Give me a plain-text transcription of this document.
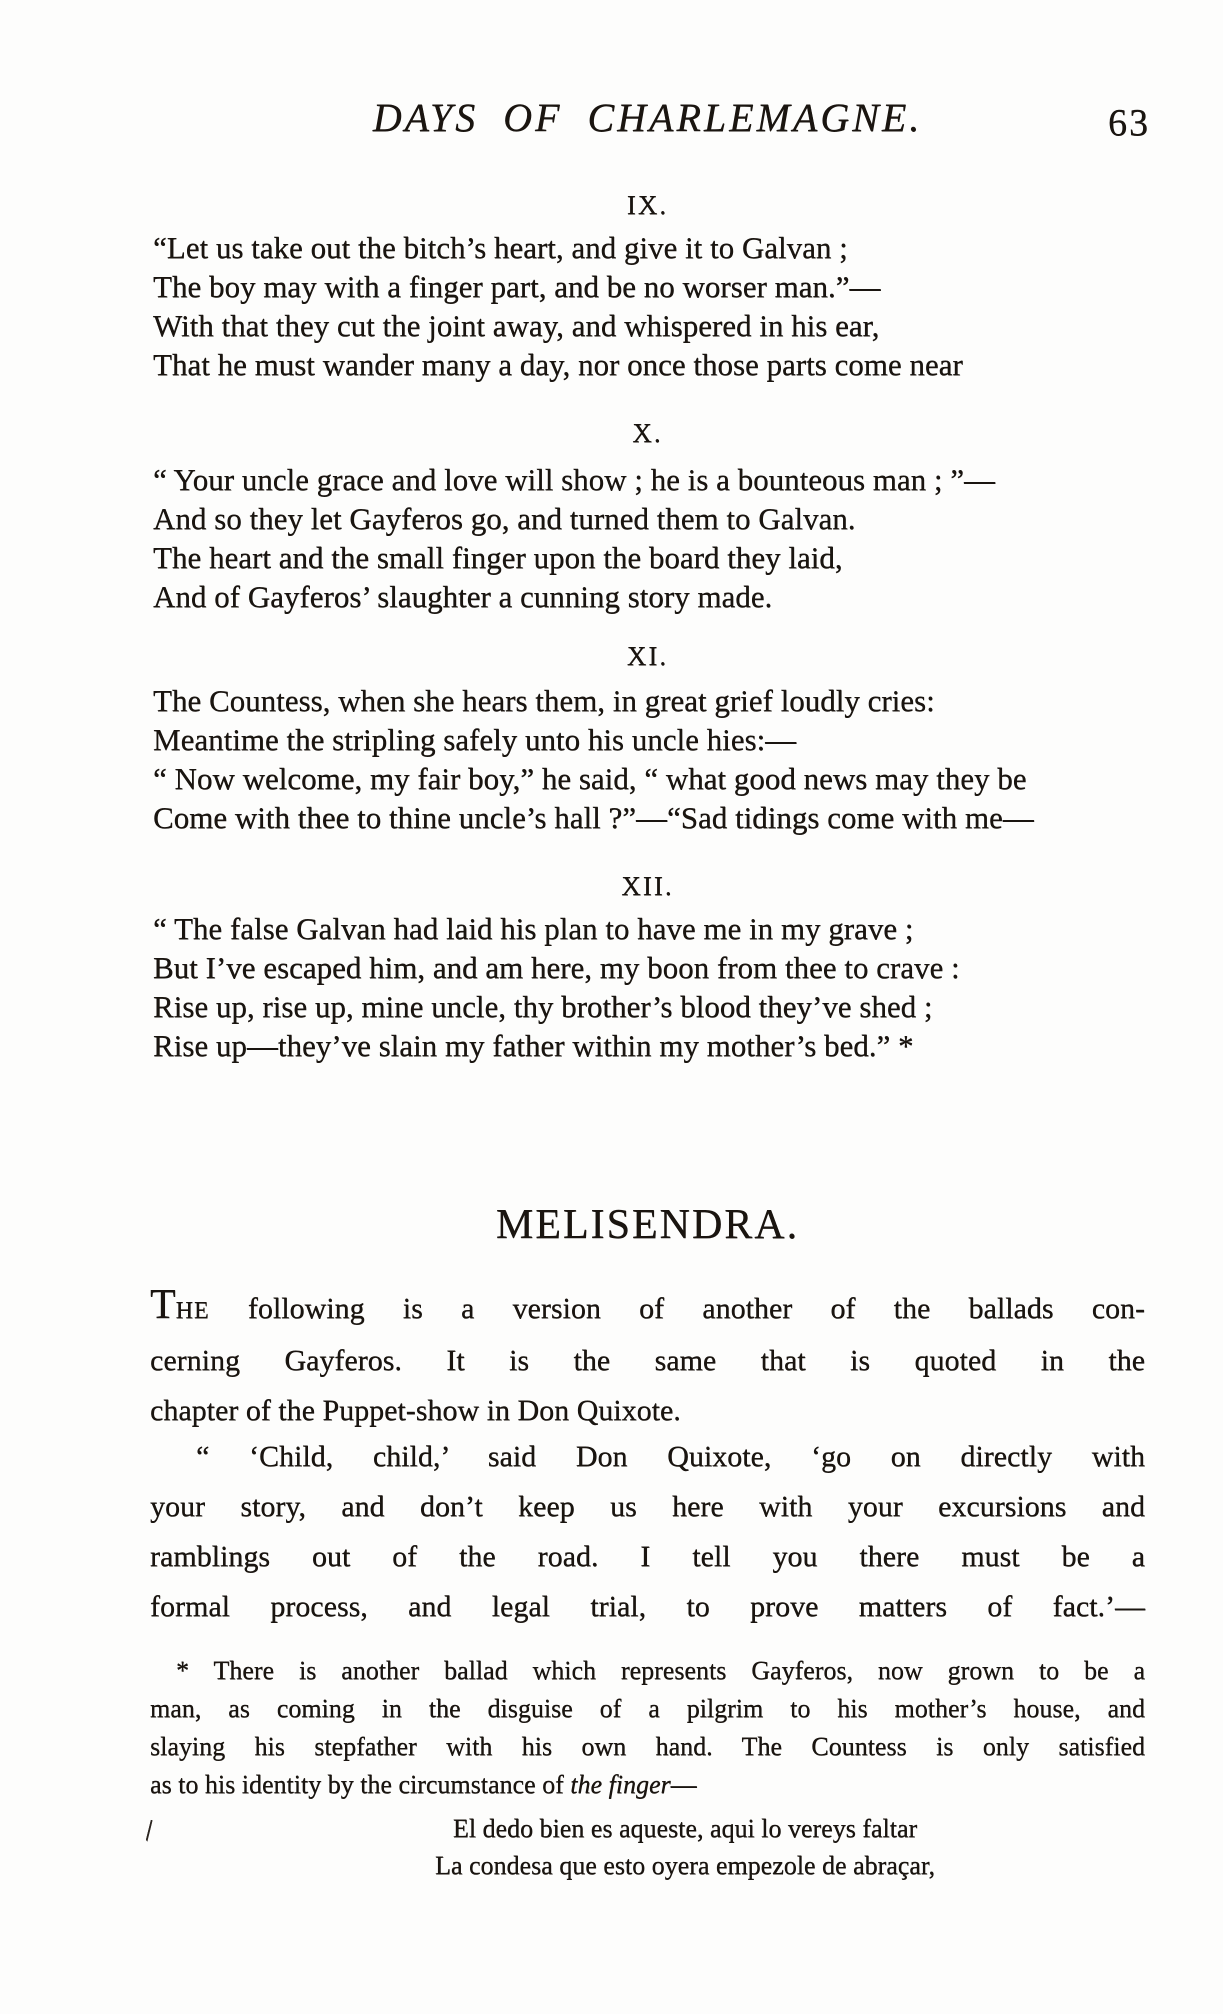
DAYS OF CHARLEMAGNE.	63
IX.
“Let us take out the bitch’s heart, and give it to Galvan ;
The boy may with a finger part, and be no worser man.”—
With that they cut the joint away, and whispered in his ear,
That he must wander many a day, nor once those parts come near
X.
“ Your uncle grace and love will show ; he is a bounteous man ; ”—
And so they let Gayferos go, and turned them to Galvan.
The heart and the small finger upon the board they laid,
And of Gayferos’ slaughter a cunning story made.
XI.
The Countess, when she hears them, in great grief loudly cries:
Meantime the stripling safely unto his uncle hies:—
“ Now welcome, my fair boy,” he said, “ what good news may they be
Come with thee to thine uncle’s hall ?”—“Sad tidings come with me—
XII.
“ The false Galvan had laid his plan to have me in my grave ;
But I’ve escaped him, and am here, my boon from thee to crave :
Rise up, rise up, mine uncle, thy brother’s blood they’ve shed ;
Rise up—they’ve slain my father within my mother’s bed.” *
MELISENDRA.
THE following is a version of another of the ballads con-
cerning Gayferos. It is the same that is quoted in the
chapter of the Puppet-show in Don Quixote.
“ ‘Child, child,’ said Don Quixote, ‘go on directly with
your story, and don’t keep us here with your excursions and
ramblings out of the road. I tell you there must be a
formal process, and legal trial, to prove matters of fact.’—
* There is another ballad which represents Gayferos, now grown to be a
man, as coming in the disguise of a pilgrim to his mother’s house, and
slaying his stepfather with his own hand. The Countess is only satisfied
as to his identity by the circumstance of the finger—
El dedo bien es aqueste, aqui lo vereys faltar
La condesa que esto oyera empezole de abraçar,
